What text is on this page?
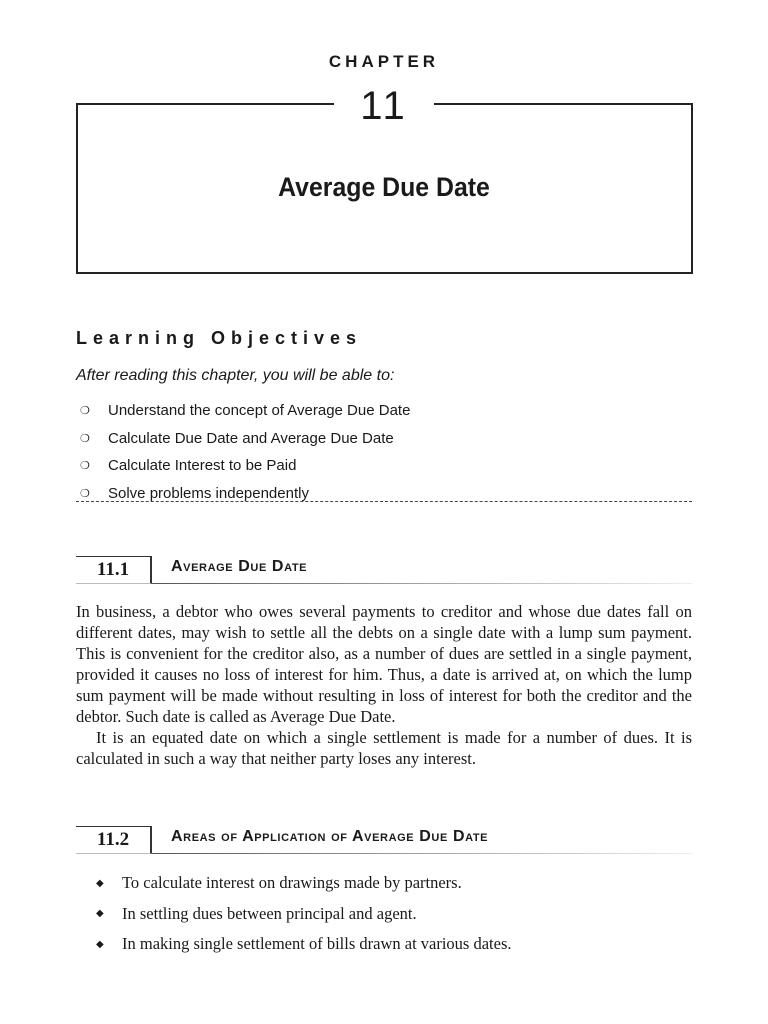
CHAPTER
11
Average Due Date
Learning Objectives
After reading this chapter, you will be able to:
❍	Understand the concept of Average Due Date
❍	Calculate Due Date and Average Due Date
❍	Calculate Interest to be Paid
❍	Solve problems independently
11.1	Average Due Date

In business, a debtor who owes several payments to creditor and whose due dates fall on different dates, may wish to settle all the debts on a single date with a lump sum payment. This is convenient for the creditor also, as a number of dues are settled in a single payment, provided it causes no loss of interest for him. Thus, a date is arrived at, on which the lump sum payment will be made without resulting in loss of interest for both the creditor and the debtor. Such date is called as Average Due Date.

It is an equated date on which a single settlement is made for a number of dues. It is calculated in such a way that neither party loses any interest.

11.2	Areas of Application of Average Due Date
◆	To calculate interest on drawings made by partners.
◆	In settling dues between principal and agent.
◆	In making single settlement of bills drawn at various dates.
